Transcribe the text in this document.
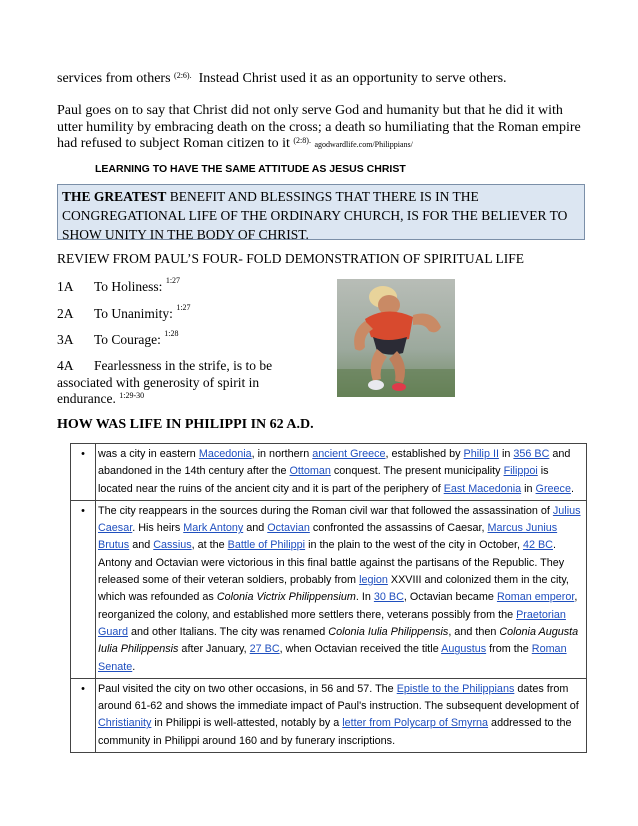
services from others $^{(2:6).}$ Instead Christ used it as an opportunity to serve others.
Paul goes on to say that Christ did not only serve God and humanity but that he did it with utter humility by embracing death on the cross; a death so humiliating that the Roman empire had refused to subject Roman citizen to it $^{(2:8).}$ agodwardlife.com/Philippians/
LEARNING TO HAVE THE SAME ATTITUDE AS JESUS CHRIST
THE GREATEST BENEFIT AND BLESSINGS THAT THERE IS IN THE CONGREGATIONAL LIFE OF THE ORDINARY CHURCH, IS FOR THE BELIEVER TO SHOW UNITY IN THE BODY OF CHRIST.
REVIEW FROM PAUL’S FOUR- FOLD DEMONSTRATION OF SPIRITUAL LIFE
1A To Holiness: $^{1:27}$
2A To Unanimity: $^{1:27}$
3A To Courage: $^{1:28}$
4A Fearlessness in the strife, is to be associated with generosity of spirit in endurance. $^{1:29-30}$
HOW WAS LIFE IN PHILIPPI IN 62 A.D.
•	was a city in eastern Macedonia, in northern ancient Greece, established by Philip II in 356 BC and abandoned in the 14th century after the Ottoman conquest. The present municipality Filippoi is located near the ruins of the ancient city and it is part of the periphery of East Macedonia in Greece.
•	The city reappears in the sources during the Roman civil war that followed the assassination of Julius Caesar. His heirs Mark Antony and Octavian confronted the assassins of Caesar, Marcus Junius Brutus and Cassius, at the Battle of Philippi in the plain to the west of the city in October, 42 BC. Antony and Octavian were victorious in this final battle against the partisans of the Republic. They released some of their veteran soldiers, probably from legion XXVIII and colonized them in the city, which was refounded as Colonia Victrix Philippensium. In 30 BC, Octavian became Roman emperor, reorganized the colony, and established more settlers there, veterans possibly from the Praetorian Guard and other Italians. The city was renamed Colonia Iulia Philippensis, and then Colonia Augusta Iulia Philippensis after January, 27 BC, when Octavian received the title Augustus from the Roman Senate.
•	Paul visited the city on two other occasions, in 56 and 57. The Epistle to the Philippians dates from around 61-62 and shows the immediate impact of Paul's instruction. The subsequent development of Christianity in Philippi is well-attested, notably by a letter from Polycarp of Smyrna addressed to the community in Philippi around 160 and by funerary inscriptions.
